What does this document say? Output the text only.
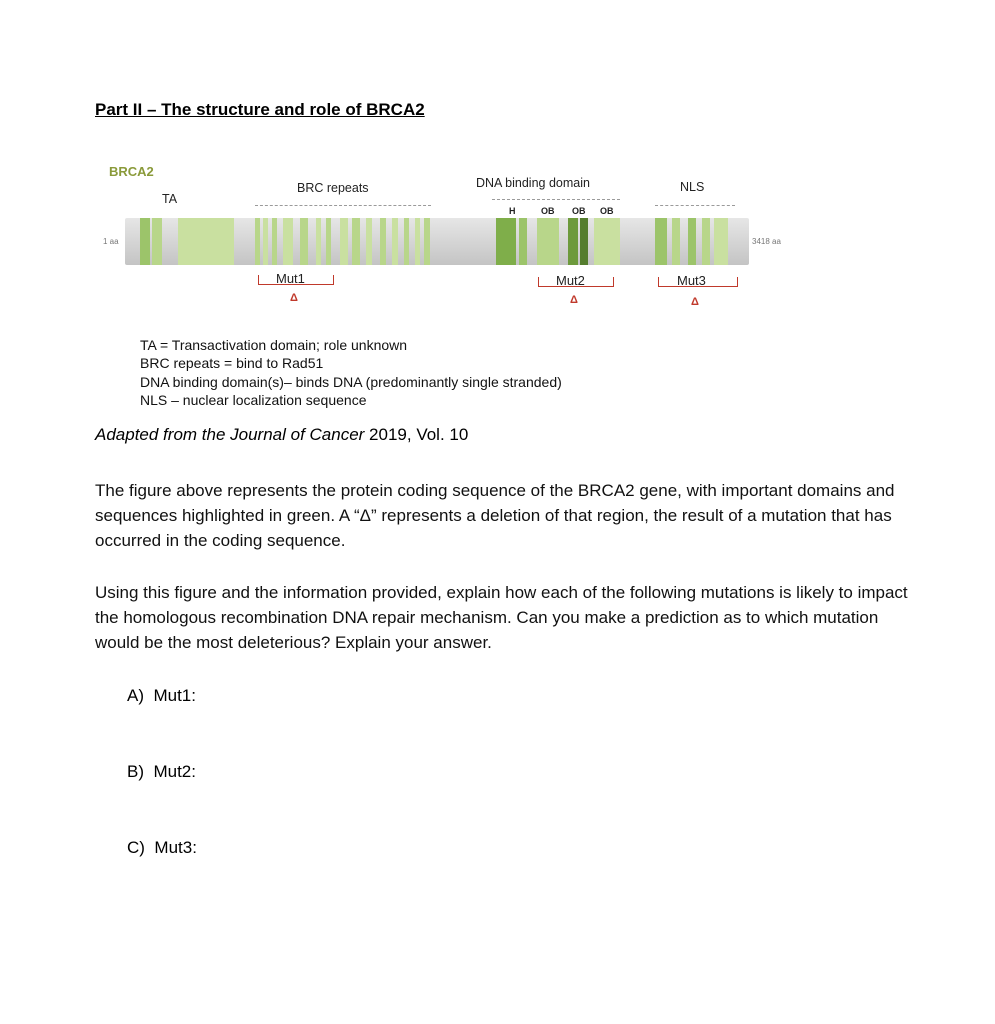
Part II – The structure and role of BRCA2
BRCA2
TA
BRC repeats	DNA binding domain	NLS
H	OB OB OB
1 aa	3418 aa
Mut1
Δ
Mut2
Δ
Mut3
Δ
TA = Transactivation domain; role unknown
BRC repeats = bind to Rad51
DNA binding domain(s)– binds DNA (predominantly single stranded)
NLS – nuclear localization sequence
Adapted from the Journal of Cancer 2019, Vol. 10
The figure above represents the protein coding sequence of the BRCA2 gene, with important domains and sequences highlighted in green. A “Δ” represents a deletion of that region, the result of a mutation that has occurred in the coding sequence.
Using this figure and the information provided, explain how each of the following mutations is likely to impact the homologous recombination DNA repair mechanism. Can you make a prediction as to which mutation would be the most deleterious? Explain your answer.
A) Mut1:
B) Mut2:
C) Mut3:
